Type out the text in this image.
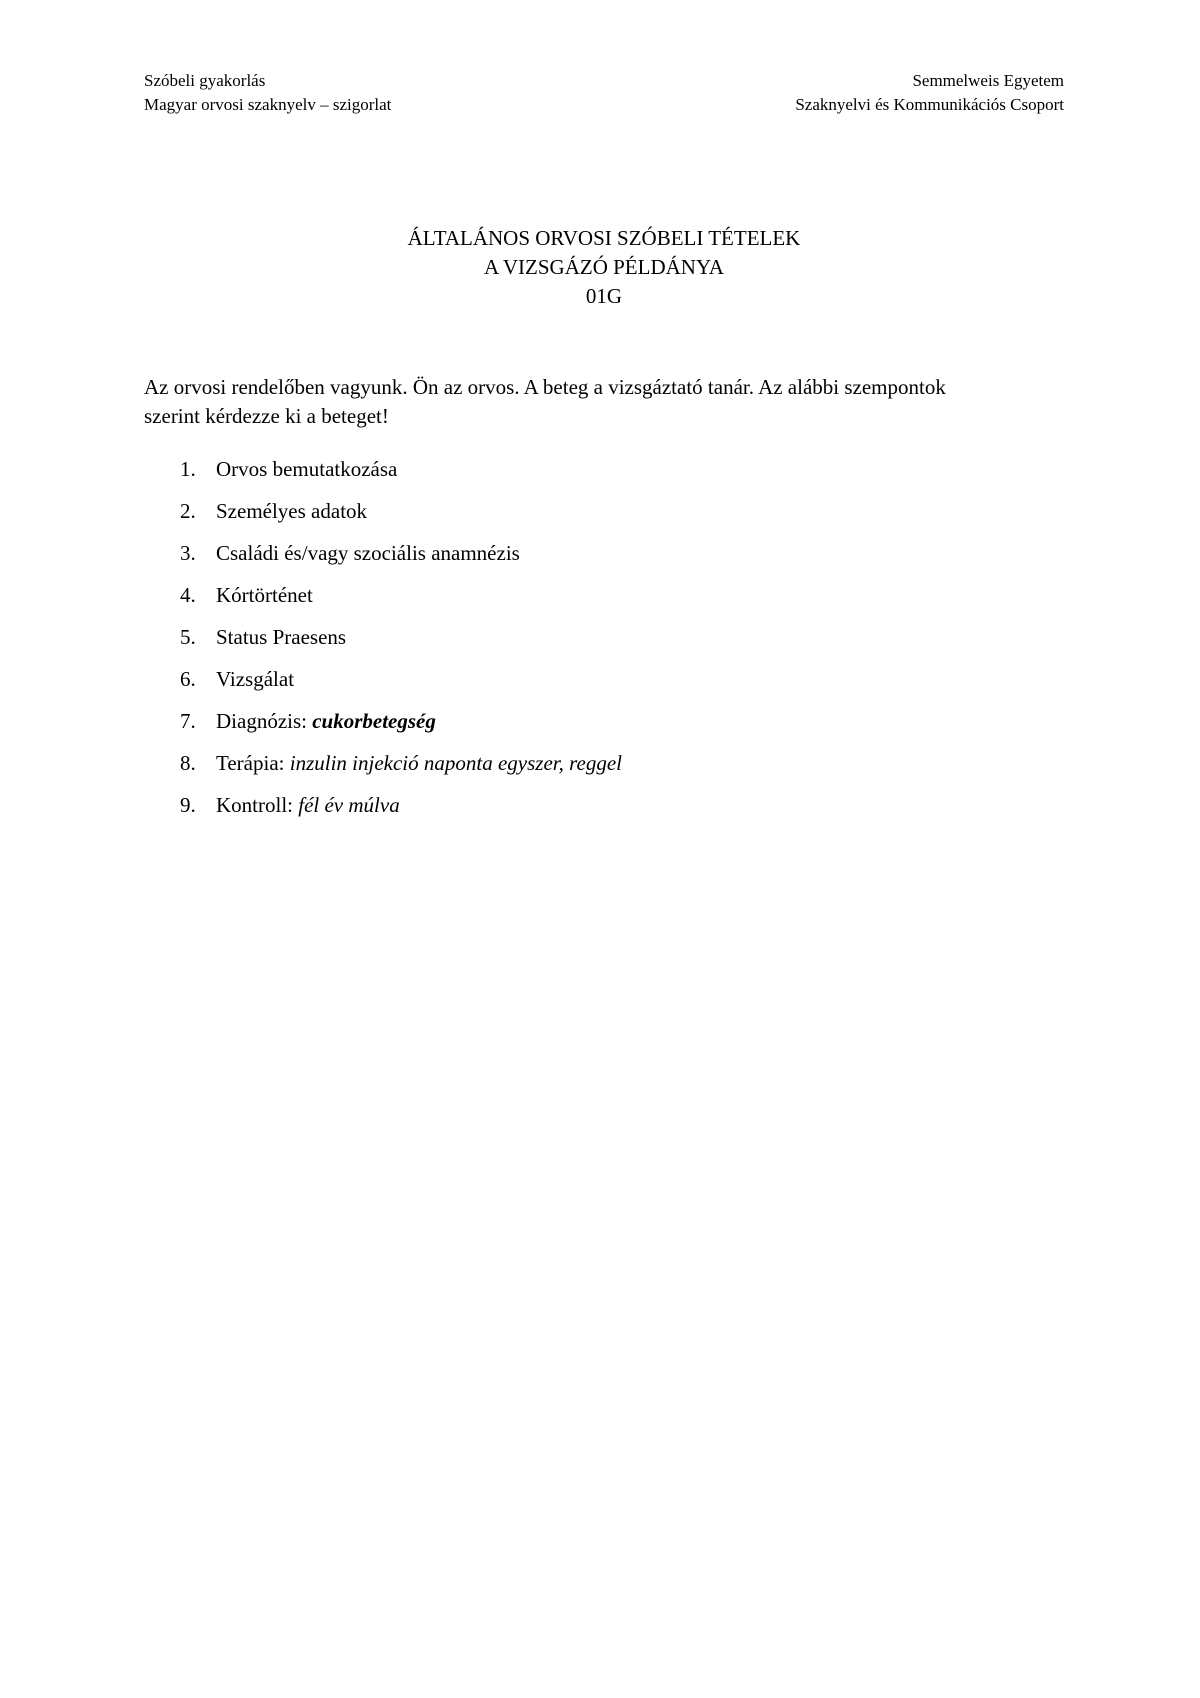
Szóbeli gyakorlás
Magyar orvosi szaknyelv – szigorlat
Semmelweis Egyetem
Szaknyelvi és Kommunikációs Csoport
ÁLTALÁNOS ORVOSI SZÓBELI TÉTELEK
A VIZSGÁZÓ PÉLDÁNYA
01G
Az orvosi rendelőben vagyunk. Ön az orvos. A beteg a vizsgáztató tanár. Az alábbi szempontok szerint kérdezze ki a beteget!
1. Orvos bemutatkozása
2. Személyes adatok
3. Családi és/vagy szociális anamnézis
4. Kórtörténet
5. Status Praesens
6. Vizsgálat
7. Diagnózis: cukorbetegség
8. Terápia: inzulin injekció naponta egyszer, reggel
9. Kontroll: fél év múlva
